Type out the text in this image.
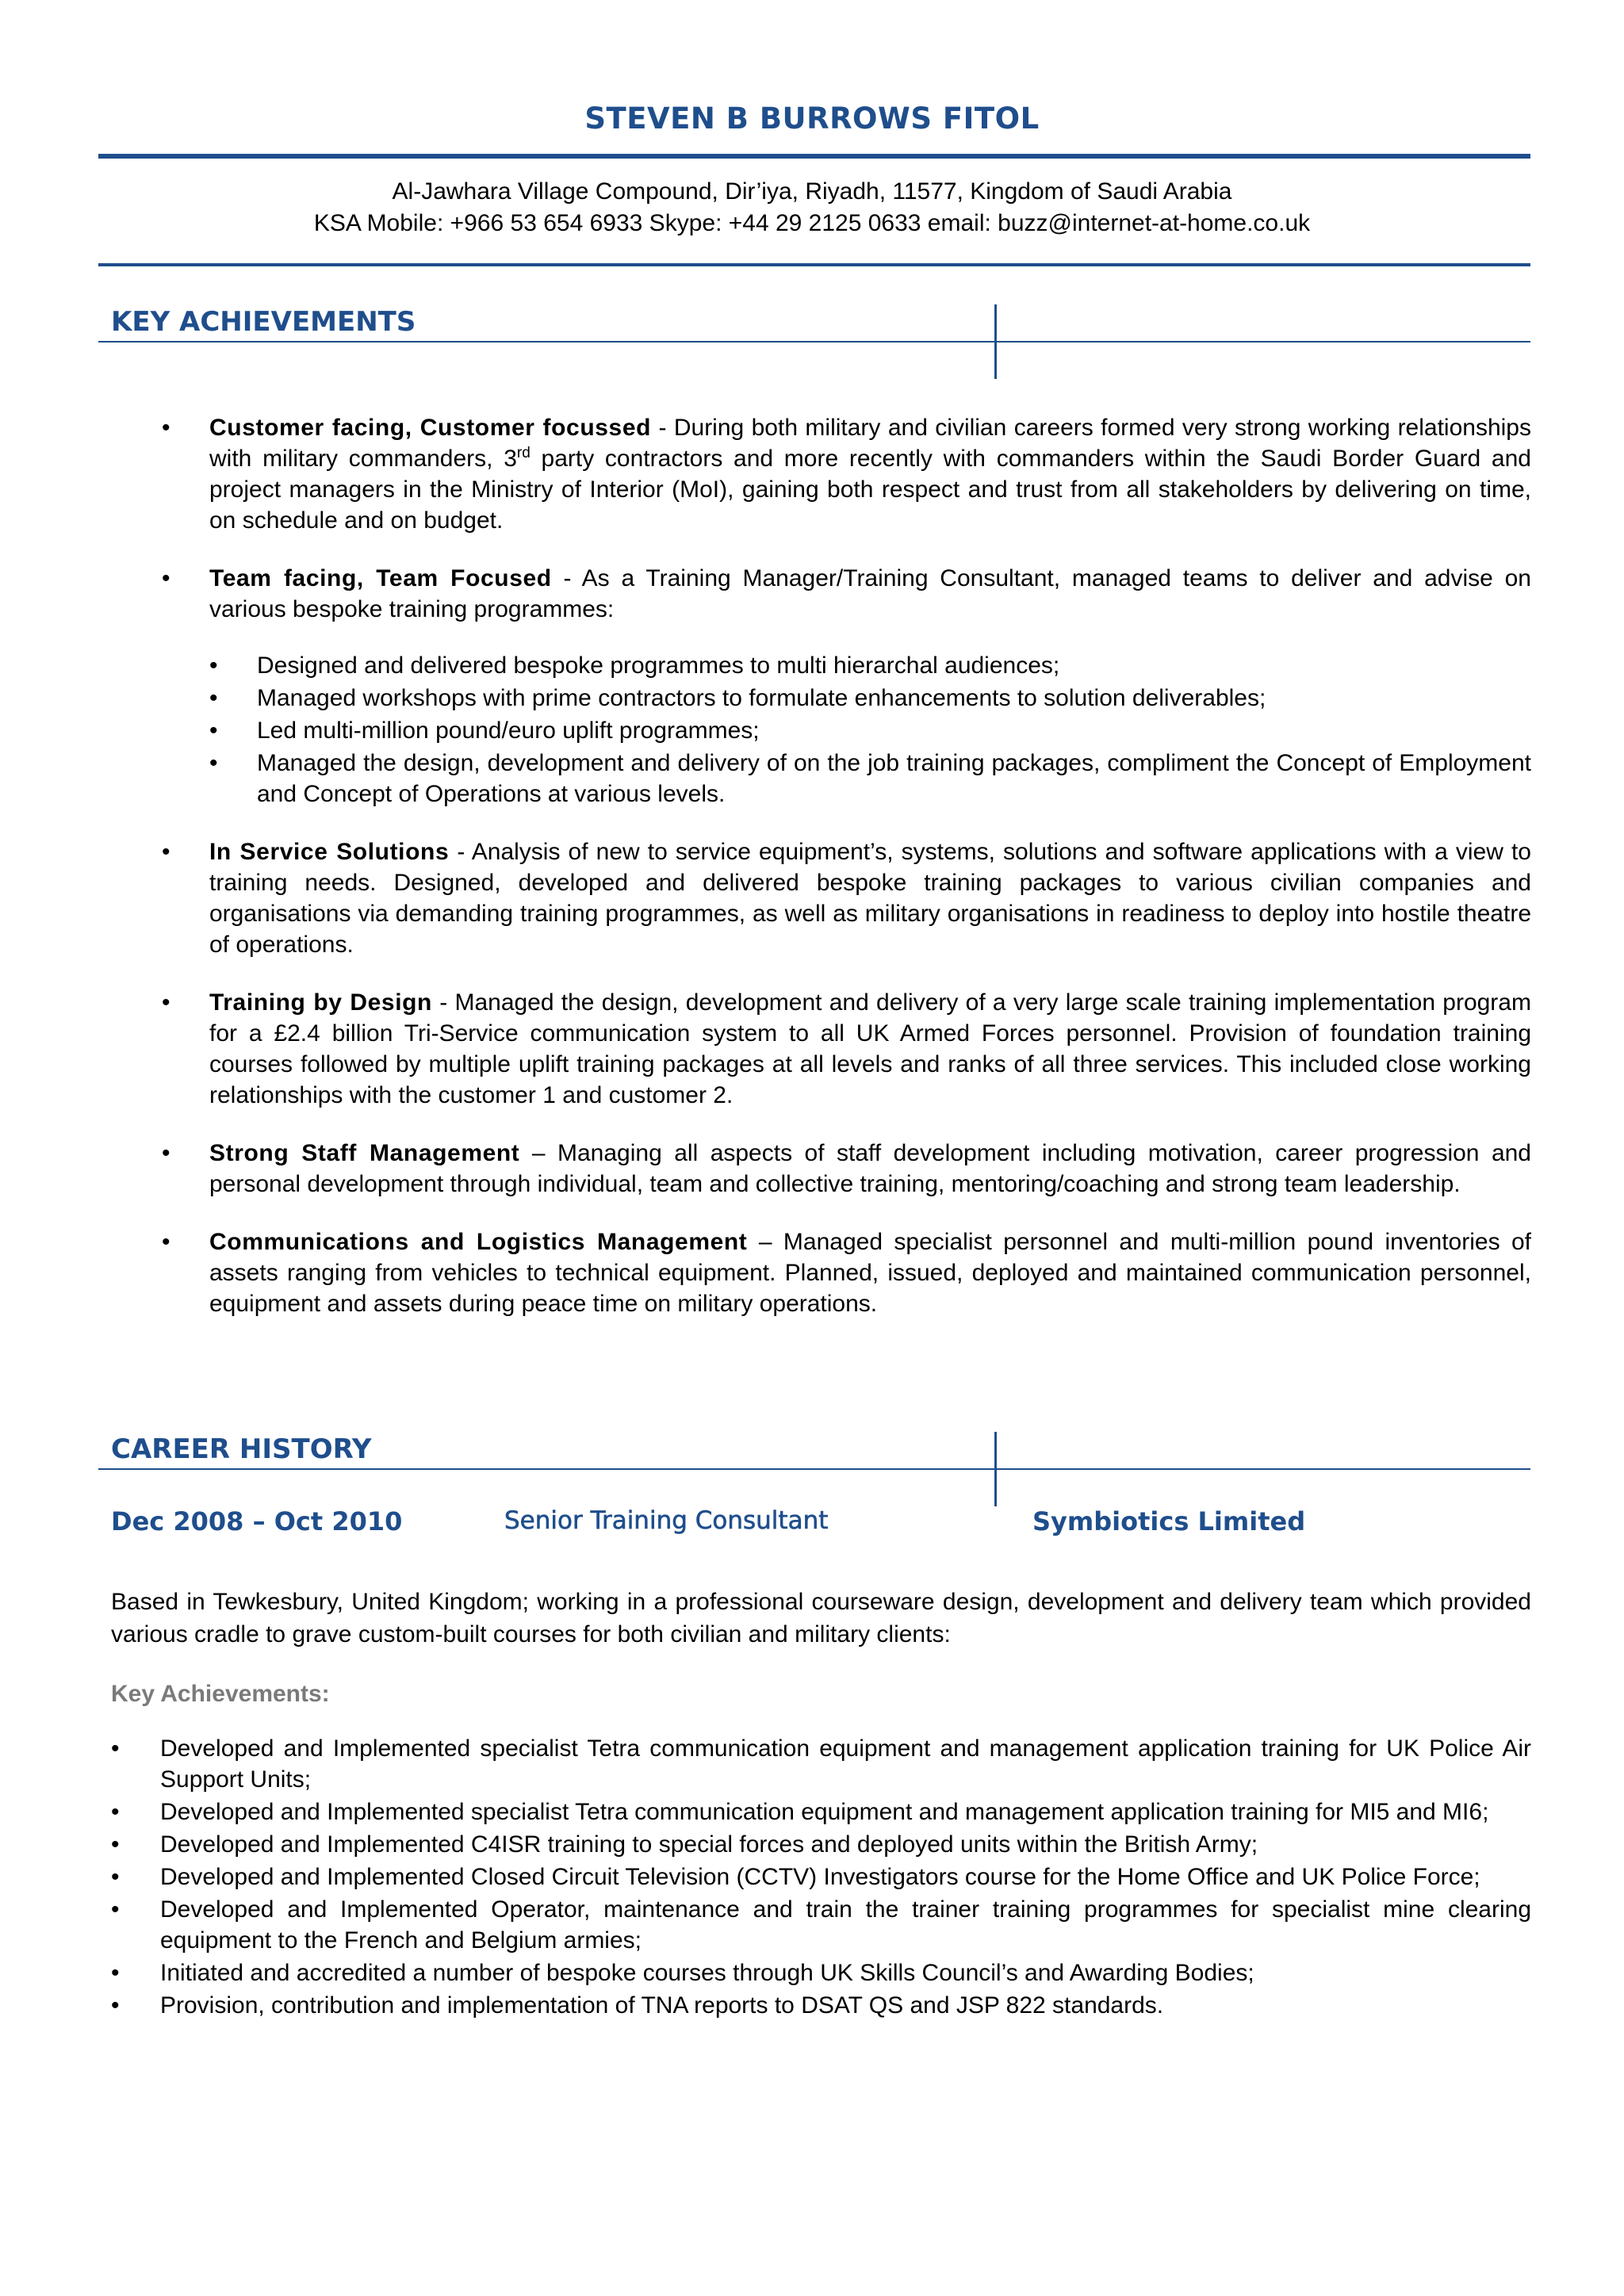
STEVEN B BURROWS FITOL
Al-Jawhara Village Compound, Dir’iya, Riyadh, 11577, Kingdom of Saudi Arabia
KSA Mobile: +966 53 654 6933 Skype: +44 29 2125 0633 email: buzz@internet-at-home.co.uk
KEY ACHIEVEMENTS
• Customer facing, Customer focussed - During both military and civilian careers formed very strong working relationships with military commanders, 3rd party contractors and more recently with commanders within the Saudi Border Guard and project managers in the Ministry of Interior (MoI), gaining both respect and trust from all stakeholders by delivering on time, on schedule and on budget.
• Team facing, Team Focused - As a Training Manager/Training Consultant, managed teams to deliver and advise on various bespoke training programmes:
• Designed and delivered bespoke programmes to multi hierarchal audiences;
• Managed workshops with prime contractors to formulate enhancements to solution deliverables;
• Led multi-million pound/euro uplift programmes;
• Managed the design, development and delivery of on the job training packages, compliment the Concept of Employment and Concept of Operations at various levels.
• In Service Solutions - Analysis of new to service equipment’s, systems, solutions and software applications with a view to training needs. Designed, developed and delivered bespoke training packages to various civilian companies and organisations via demanding training programmes, as well as military organisations in readiness to deploy into hostile theatre of operations.
• Training by Design - Managed the design, development and delivery of a very large scale training implementation program for a £2.4 billion Tri-Service communication system to all UK Armed Forces personnel. Provision of foundation training courses followed by multiple uplift training packages at all levels and ranks of all three services. This included close working relationships with the customer 1 and customer 2.
• Strong Staff Management – Managing all aspects of staff development including motivation, career progression and personal development through individual, team and collective training, mentoring/coaching and strong team leadership.
• Communications and Logistics Management – Managed specialist personnel and multi-million pound inventories of assets ranging from vehicles to technical equipment. Planned, issued, deployed and maintained communication personnel, equipment and assets during peace time on military operations.
CAREER HISTORY
Dec 2008 – Oct 2010	Senior Training Consultant	Symbiotics Limited
Based in Tewkesbury, United Kingdom; working in a professional courseware design, development and delivery team which provided various cradle to grave custom-built courses for both civilian and military clients:
Key Achievements:
• Developed and Implemented specialist Tetra communication equipment and management application training for UK Police Air Support Units;
• Developed and Implemented specialist Tetra communication equipment and management application training for MI5 and MI6;
• Developed and Implemented C4ISR training to special forces and deployed units within the British Army;
• Developed and Implemented Closed Circuit Television (CCTV) Investigators course for the Home Office and UK Police Force;
• Developed and Implemented Operator, maintenance and train the trainer training programmes for specialist mine clearing equipment to the French and Belgium armies;
• Initiated and accredited a number of bespoke courses through UK Skills Council’s and Awarding Bodies;
• Provision, contribution and implementation of TNA reports to DSAT QS and JSP 822 standards.
